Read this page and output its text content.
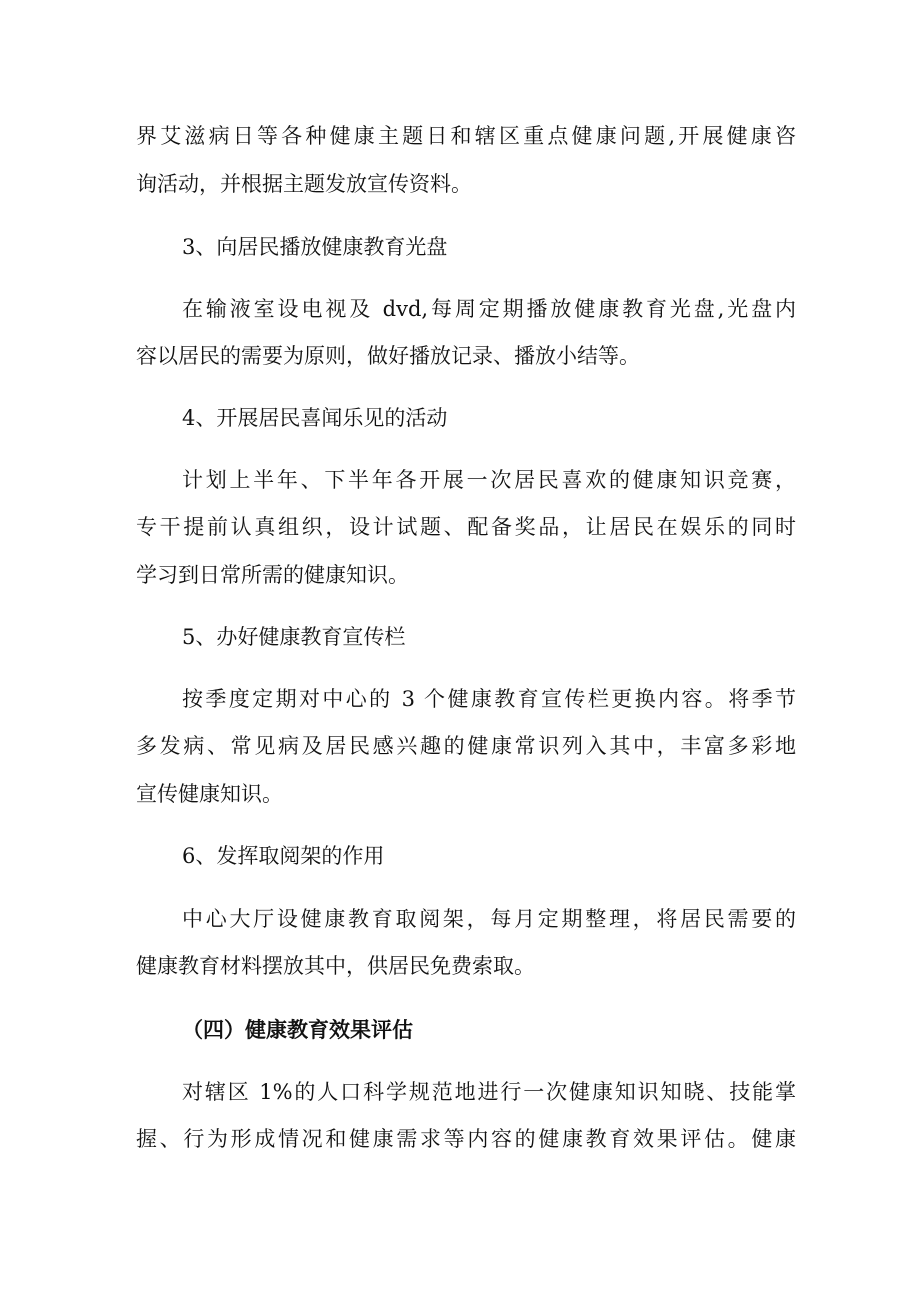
界艾滋病日等各种健康主题日和辖区重点健康问题,开展健康咨

询活动，并根据主题发放宣传资料。

3、向居民播放健康教育光盘

在输液室设电视及 dvd,每周定期播放健康教育光盘,光盘内

容以居民的需要为原则，做好播放记录、播放小结等。

4、开展居民喜闻乐见的活动

计划上半年、下半年各开展一次居民喜欢的健康知识竞赛，

专干提前认真组织，设计试题、配备奖品，让居民在娱乐的同时

学习到日常所需的健康知识。

5、办好健康教育宣传栏

按季度定期对中心的 3 个健康教育宣传栏更换内容。将季节

多发病、常见病及居民感兴趣的健康常识列入其中，丰富多彩地

宣传健康知识。

6、发挥取阅架的作用

中心大厅设健康教育取阅架，每月定期整理，将居民需要的

健康教育材料摆放其中，供居民免费索取。

（四）健康教育效果评估

对辖区 1%的人口科学规范地进行一次健康知识知晓、技能掌

握、行为形成情况和健康需求等内容的健康教育效果评估。健康
